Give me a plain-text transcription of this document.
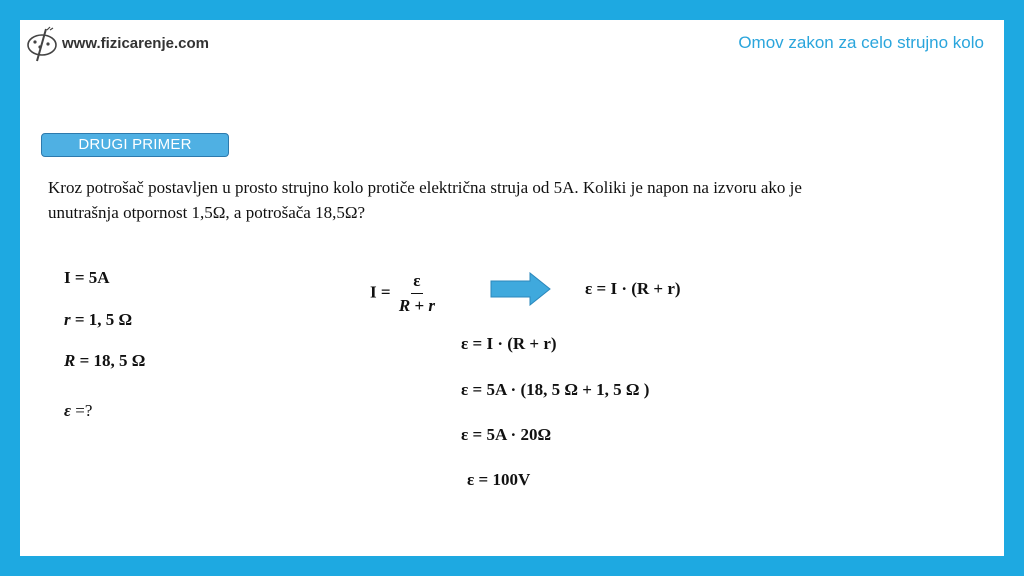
www.fizicarenje.com	Omov zakon za celo strujno kolo
DRUGI PRIMER

Kroz potrošač postavljen u prosto strujno kolo protiče električna struja od 5A. Koliki je napon na izvoru ako je

unutrašnja otpornost 1,5Ω, a potrošača 18,5Ω?

I = 5A
r = 1, 5 Ω
R = 18, 5 Ω
ε =?
$I = \frac{\varepsilon}{R + r}$	ε = I · (R + r)
ε = I · (R + r)
ε = 5A · (18, 5 Ω + 1, 5 Ω )
ε = 5A · 20Ω
ε = 100V
